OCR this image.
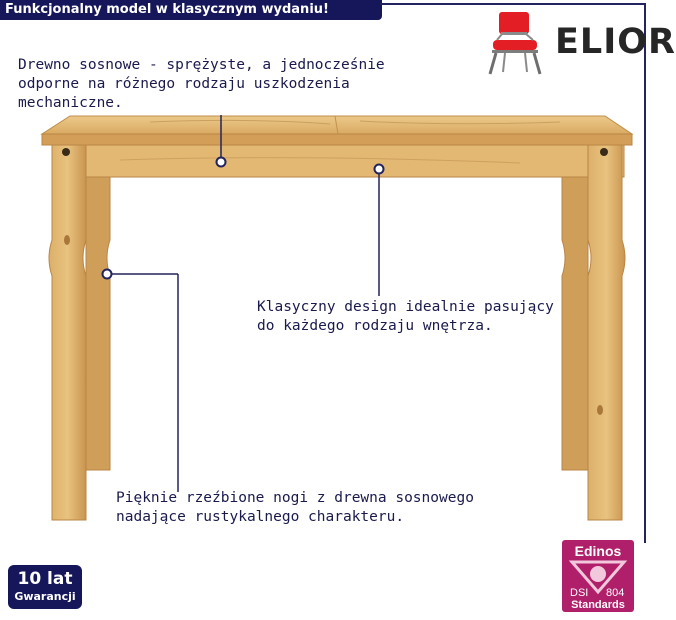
Funkcjonalny model w klasycznym wydaniu!
ELIOR

Drewno sosnowe - sprężyste, a jednocześnie
odporne na różnego rodzaju uszkodzenia
mechaniczne.

Klasyczny design idealnie pasujący
do każdego rodzaju wnętrza.

Pięknie rzeźbione nogi z drewna sosnowego
nadające rustykalnego charakteru.

10 lat
Gwarancji
Edinos
DSI 804
Standards
